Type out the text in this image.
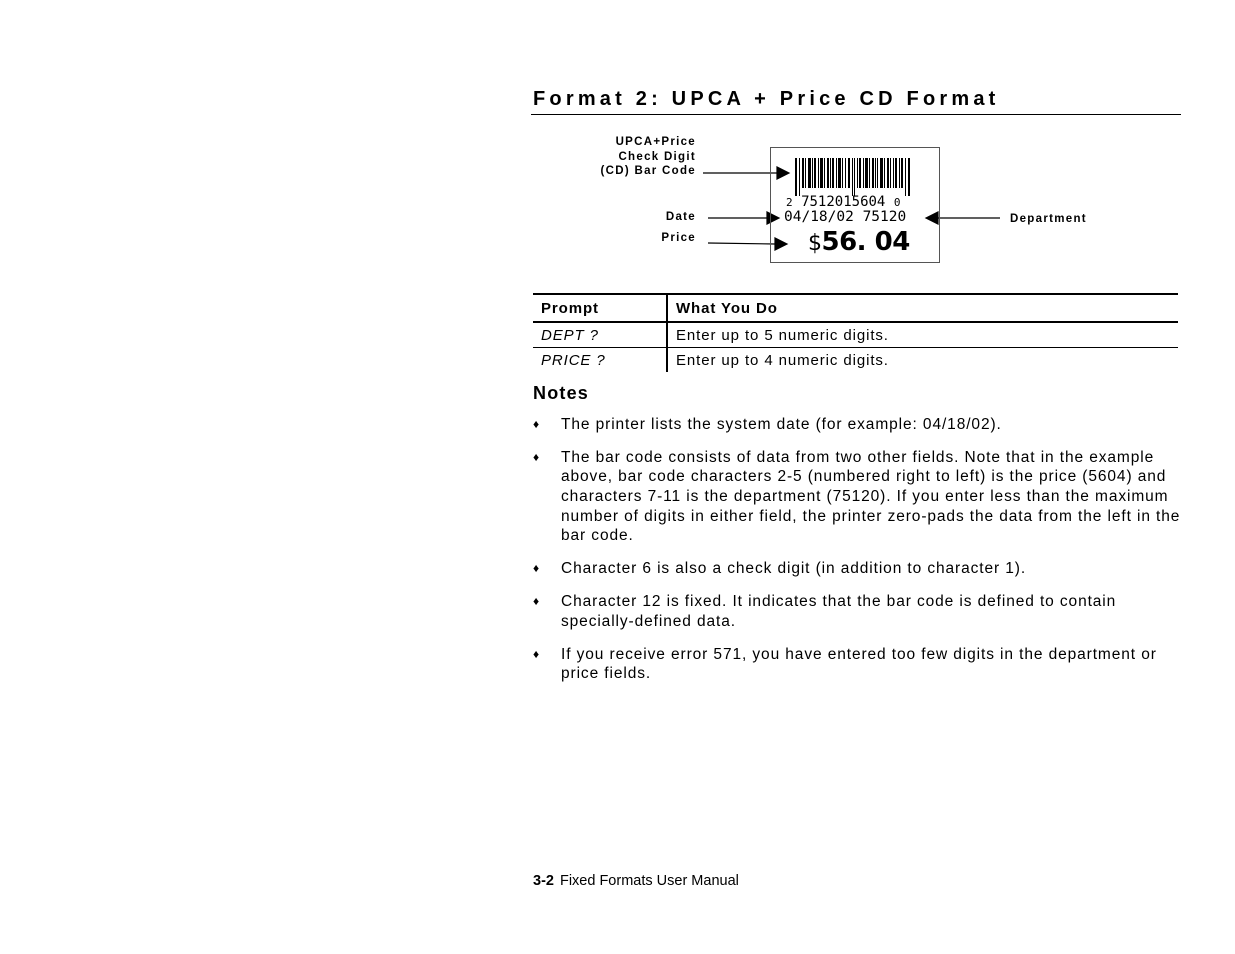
Format 2: UPCA + Price CD Format
UPCA+Price
Check Digit
(CD) Bar Code
Date
Price
Department
2 7512015604 0
04/18/02 75120
$56. 04
Prompt	What You Do
DEPT ?	Enter up to 5 numeric digits.
PRICE ?	Enter up to 4 numeric digits.
Notes
♦ The printer lists the system date (for example: 04/18/02).
♦ The bar code consists of data from two other fields. Note that in the example above, bar code characters 2-5 (numbered right to left) is the price (5604) and characters 7-11 is the department (75120). If you enter less than the maximum number of digits in either field, the printer zero-pads the data from the left in the bar code.
♦ Character 6 is also a check digit (in addition to character 1).
♦ Character 12 is fixed. It indicates that the bar code is defined to contain specially-defined data.
♦ If you receive error 571, you have entered too few digits in the department or price fields.
3-2 Fixed Formats User Manual
